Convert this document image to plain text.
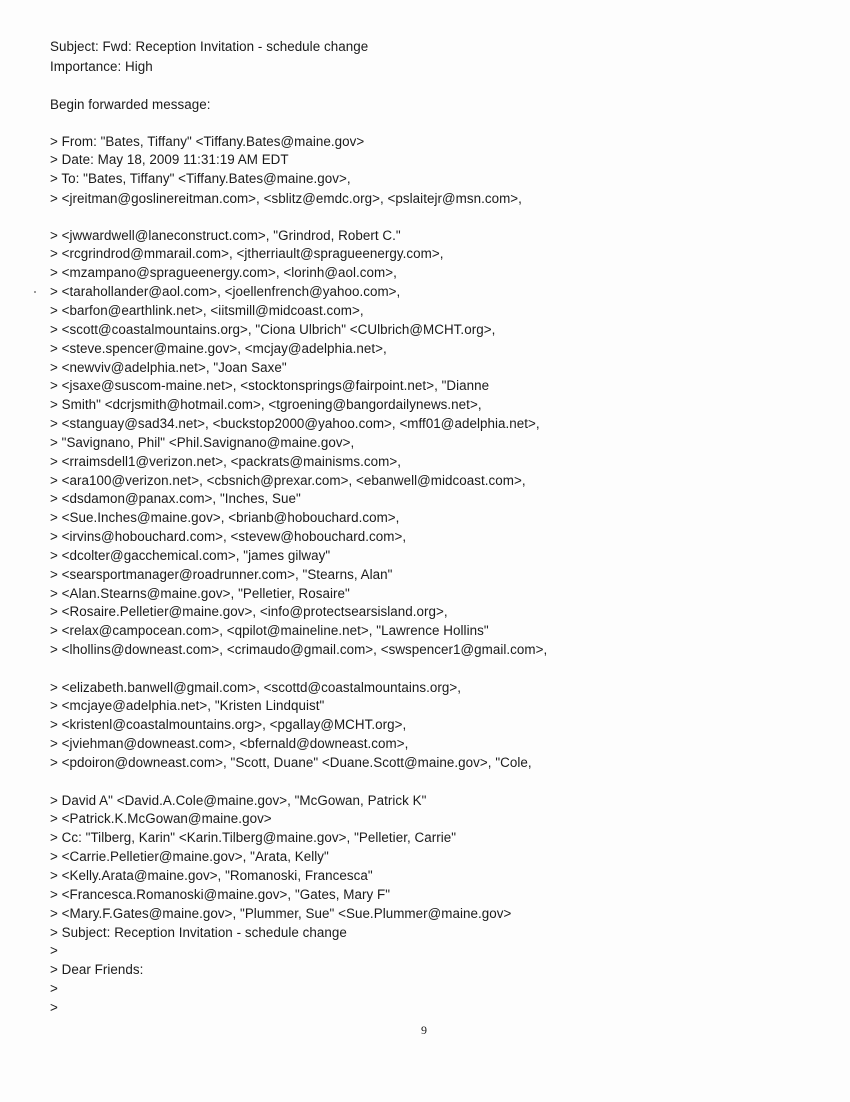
Subject: Fwd: Reception Invitation - schedule change
Importance: High
Begin forwarded message:
> From: "Bates, Tiffany" <Tiffany.Bates@maine.gov>
> Date: May 18, 2009 11:31:19 AM EDT
> To: "Bates, Tiffany" <Tiffany.Bates@maine.gov>,
> <jreitman@goslinereitman.com>, <sblitz@emdc.org>, <pslaitejr@msn.com>,
> <jwwardwell@laneconstruct.com>, "Grindrod, Robert C."
> <rcgrindrod@mmarail.com>, <jtherriault@spragueenergy.com>,
> <mzampano@spragueenergy.com>, <lorinh@aol.com>,
> <tarahollander@aol.com>, <joellenfrench@yahoo.com>,
> <barfon@earthlink.net>, <iitsmill@midcoast.com>,
> <scott@coastalmountains.org>, "Ciona Ulbrich" <CUlbrich@MCHT.org>,
> <steve.spencer@maine.gov>, <mcjay@adelphia.net>,
> <newviv@adelphia.net>, "Joan Saxe"
> <jsaxe@suscom-maine.net>, <stocktonsprings@fairpoint.net>, "Dianne
> Smith" <dcrjsmith@hotmail.com>, <tgroening@bangordailynews.net>,
> <stanguay@sad34.net>, <buckstop2000@yahoo.com>, <mff01@adelphia.net>,
> "Savignano, Phil" <Phil.Savignano@maine.gov>,
> <rraimsdell1@verizon.net>, <packrats@mainisms.com>,
> <ara100@verizon.net>, <cbsnich@prexar.com>, <ebanwell@midcoast.com>,
> <dsdamon@panax.com>, "Inches, Sue"
> <Sue.Inches@maine.gov>, <brianb@hobouchard.com>,
> <irvins@hobouchard.com>, <stevew@hobouchard.com>,
> <dcolter@gacchemical.com>, "james gilway"
> <searsportmanager@roadrunner.com>, "Stearns, Alan"
> <Alan.Stearns@maine.gov>, "Pelletier, Rosaire"
> <Rosaire.Pelletier@maine.gov>, <info@protectsearsisland.org>,
> <relax@campocean.com>, <qpilot@maineline.net>, "Lawrence Hollins"
> <lhollins@downeast.com>, <crimaudo@gmail.com>, <swspencer1@gmail.com>,
> <elizabeth.banwell@gmail.com>, <scottd@coastalmountains.org>,
> <mcjaye@adelphia.net>, "Kristen Lindquist"
> <kristenl@coastalmountains.org>, <pgallay@MCHT.org>,
> <jviehman@downeast.com>, <bfernald@downeast.com>,
> <pdoiron@downeast.com>, "Scott, Duane" <Duane.Scott@maine.gov>, "Cole,
> David A" <David.A.Cole@maine.gov>, "McGowan, Patrick K"
> <Patrick.K.McGowan@maine.gov>
> Cc: "Tilberg, Karin" <Karin.Tilberg@maine.gov>, "Pelletier, Carrie"
> <Carrie.Pelletier@maine.gov>, "Arata, Kelly"
> <Kelly.Arata@maine.gov>, "Romanoski, Francesca"
> <Francesca.Romanoski@maine.gov>, "Gates, Mary F"
> <Mary.F.Gates@maine.gov>, "Plummer, Sue" <Sue.Plummer@maine.gov>
> Subject: Reception Invitation - schedule change
>
> Dear Friends:
>
>
9
